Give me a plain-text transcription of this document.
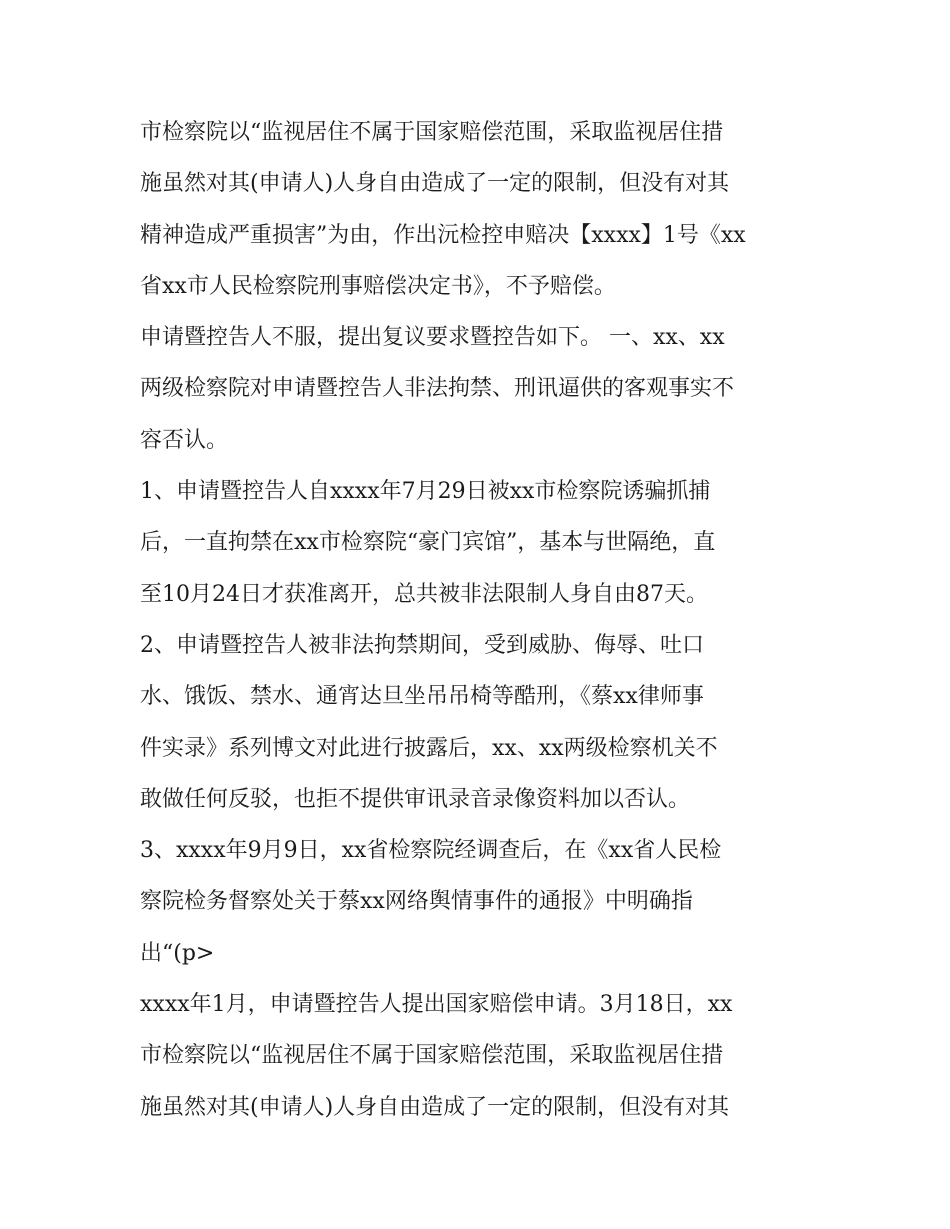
市检察院以“监视居住不属于国家赔偿范围，采取监视居住措
施虽然对其(申请人)人身自由造成了一定的限制，但没有对其
精神造成严重损害”为由，作出沅检控申赔决【xxxx】1号《xx
省xx市人民检察院刑事赔偿决定书》，不予赔偿。
申请暨控告人不服，提出复议要求暨控告如下。 一、xx、xx
两级检察院对申请暨控告人非法拘禁、刑讯逼供的客观事实不
容否认。
1、申请暨控告人自xxxx年7月29日被xx市检察院诱骗抓捕
后，一直拘禁在xx市检察院“豪门宾馆”，基本与世隔绝，直
至10月24日才获准离开，总共被非法限制人身自由87天。
2、申请暨控告人被非法拘禁期间，受到威胁、侮辱、吐口
水、饿饭、禁水、通宵达旦坐吊吊椅等酷刑，《蔡xx律师事
件实录》系列博文对此进行披露后，xx、xx两级检察机关不
敢做任何反驳，也拒不提供审讯录音录像资料加以否认。
3、xxxx年9月9日，xx省检察院经调查后，在《xx省人民检
察院检务督察处关于蔡xx网络舆情事件的通报》中明确指
出“(p>
xxxx年1月，申请暨控告人提出国家赔偿申请。3月18日，xx
市检察院以“监视居住不属于国家赔偿范围，采取监视居住措
施虽然对其(申请人)人身自由造成了一定的限制，但没有对其
